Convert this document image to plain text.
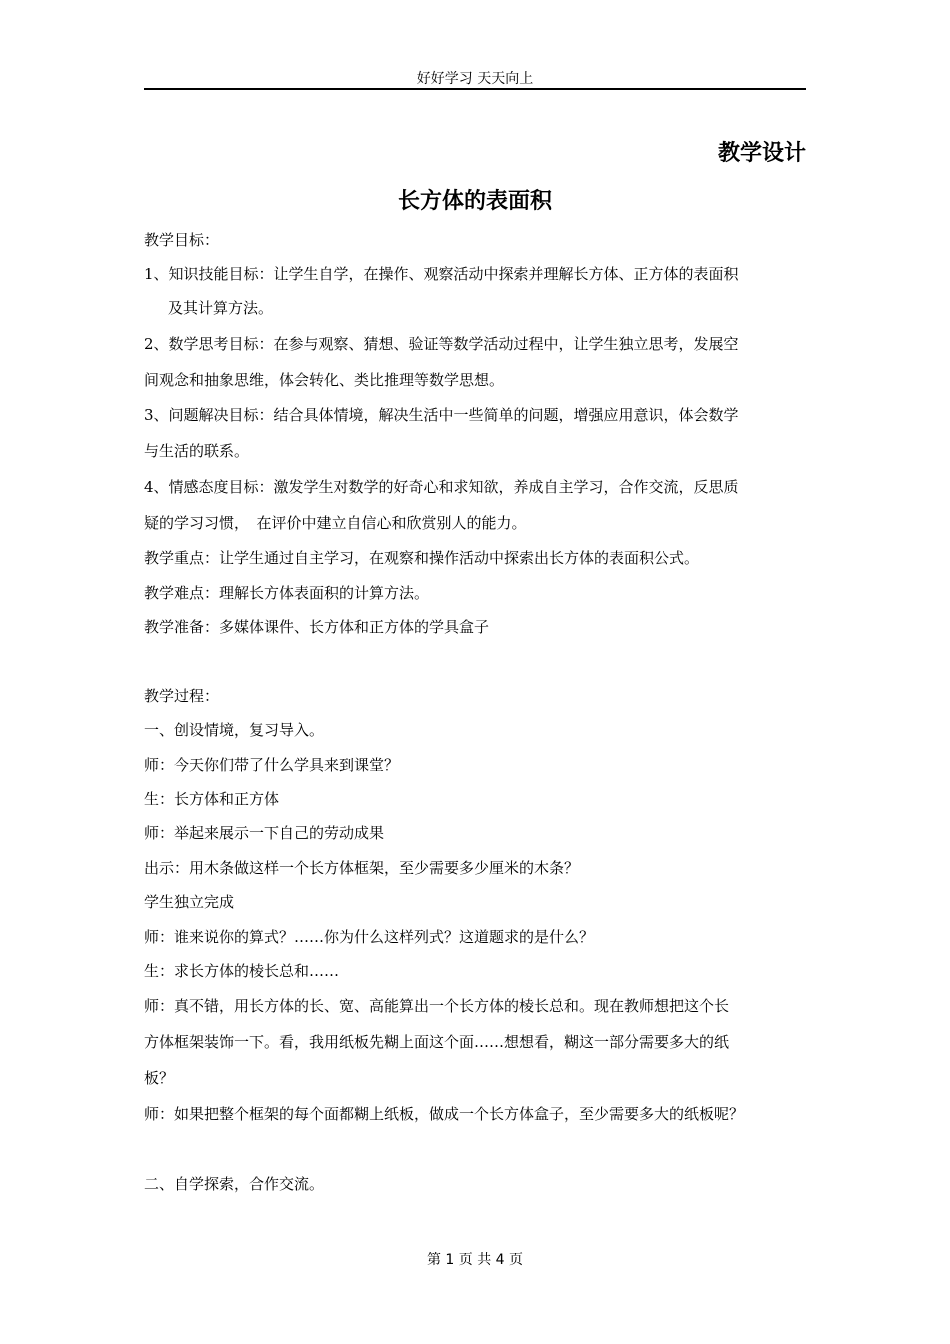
好好学习 天天向上
教学设计
长方体的表面积
教学目标：
1、知识技能目标：让学生自学，在操作、观察活动中探索并理解长方体、正方体的表面积
及其计算方法。
2、数学思考目标：在参与观察、猜想、验证等数学活动过程中，让学生独立思考，发展空
间观念和抽象思维，体会转化、类比推理等数学思想。
3、问题解决目标：结合具体情境，解决生活中一些简单的问题，增强应用意识，体会数学
与生活的联系。
4、情感态度目标：激发学生对数学的好奇心和求知欲，养成自主学习，合作交流，反思质
疑的学习习惯，　在评价中建立自信心和欣赏别人的能力。
教学重点：让学生通过自主学习，在观察和操作活动中探索出长方体的表面积公式。
教学难点：理解长方体表面积的计算方法。
教学准备：多媒体课件、长方体和正方体的学具盒子
教学过程：
一、创设情境，复习导入。
师：今天你们带了什么学具来到课堂？
生：长方体和正方体
师：举起来展示一下自己的劳动成果
出示：用木条做这样一个长方体框架，至少需要多少厘米的木条？
学生独立完成
师：谁来说你的算式？……你为什么这样列式？这道题求的是什么？
生：求长方体的棱长总和……
师：真不错，用长方体的长、宽、高能算出一个长方体的棱长总和。现在教师想把这个长
方体框架装饰一下。看，我用纸板先糊上面这个面……想想看，糊这一部分需要多大的纸
板？
师：如果把整个框架的每个面都糊上纸板，做成一个长方体盒子，至少需要多大的纸板呢？
二、自学探索，合作交流。
第 1 页 共 4 页
